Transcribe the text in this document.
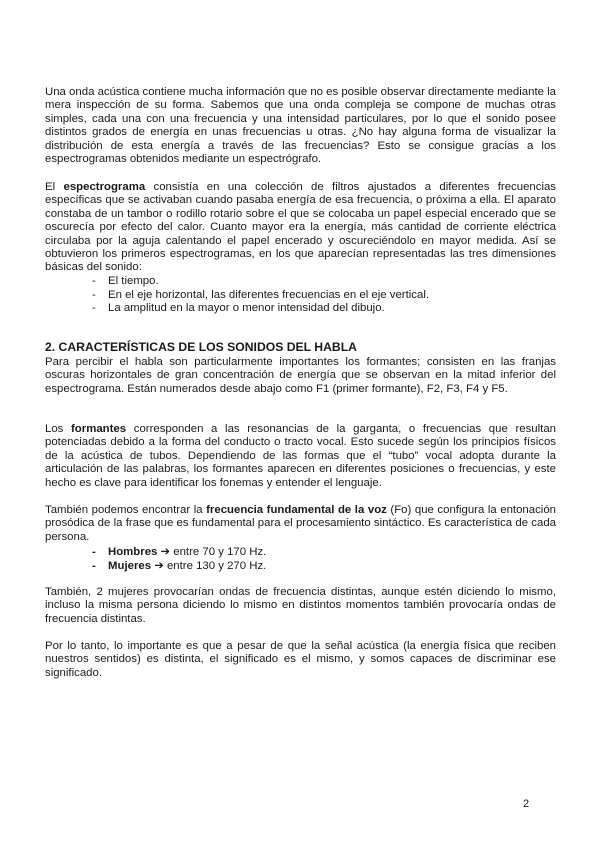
Una onda acústica contiene mucha información que no es posible observar directamente mediante la mera inspección de su forma. Sabemos que una onda compleja se compone de muchas otras simples, cada una con una frecuencia y una intensidad particulares, por lo que el sonido posee distintos grados de energía en unas frecuencias u otras. ¿No hay alguna forma de visualizar la distribución de esta energía a través de las frecuencias? Esto se consigue gracias a los espectrogramas obtenidos mediante un espectrógrafo.

El espectrograma consistía en una colección de filtros ajustados a diferentes frecuencias específicas que se activaban cuando pasaba energía de esa frecuencia, o próxima a ella. El aparato constaba de un tambor o rodillo rotario sobre el que se colocaba un papel especial encerado que se oscurecía por efecto del calor. Cuanto mayor era la energía, más cantidad de corriente eléctrica circulaba por la aguja calentando el papel encerado y oscureciéndolo en mayor medida. Así se obtuvieron los primeros espectrogramas, en los que aparecían representadas las tres dimensiones básicas del sonido:

- El tiempo.
- En el eje horizontal, las diferentes frecuencias en el eje vertical.
- La amplitud en la mayor o menor intensidad del dibujo.
2. CARACTERÍSTICAS DE LOS SONIDOS DEL HABLA

Para percibir el habla son particularmente importantes los formantes; consisten en las franjas oscuras horizontales de gran concentración de energía que se observan en la mitad inferior del espectrograma. Están numerados desde abajo como F1 (primer formante), F2, F3, F4 y F5.

Los formantes corresponden a las resonancias de la garganta, o frecuencias que resultan potenciadas debido a la forma del conducto o tracto vocal. Esto sucede según los principios físicos de la acústica de tubos. Dependiendo de las formas que el “tubo” vocal adopta durante la articulación de las palabras, los formantes aparecen en diferentes posiciones o frecuencias, y este hecho es clave para identificar los fonemas y entender el lenguaje.

También podemos encontrar la frecuencia fundamental de la voz (Fo) que configura la entonación prosódica de la frase que es fundamental para el procesamiento sintáctico. Es característica de cada persona.

- Hombres ➔ entre 70 y 170 Hz.
- Mujeres ➔ entre 130 y 270 Hz.

También, 2 mujeres provocarían ondas de frecuencia distintas, aunque estén diciendo lo mismo, incluso la misma persona diciendo lo mismo en distintos momentos también provocaría ondas de frecuencia distintas.

Por lo tanto, lo importante es que a pesar de que la señal acústica (la energía física que reciben nuestros sentidos) es distinta, el significado es el mismo, y somos capaces de discriminar ese significado.

2
